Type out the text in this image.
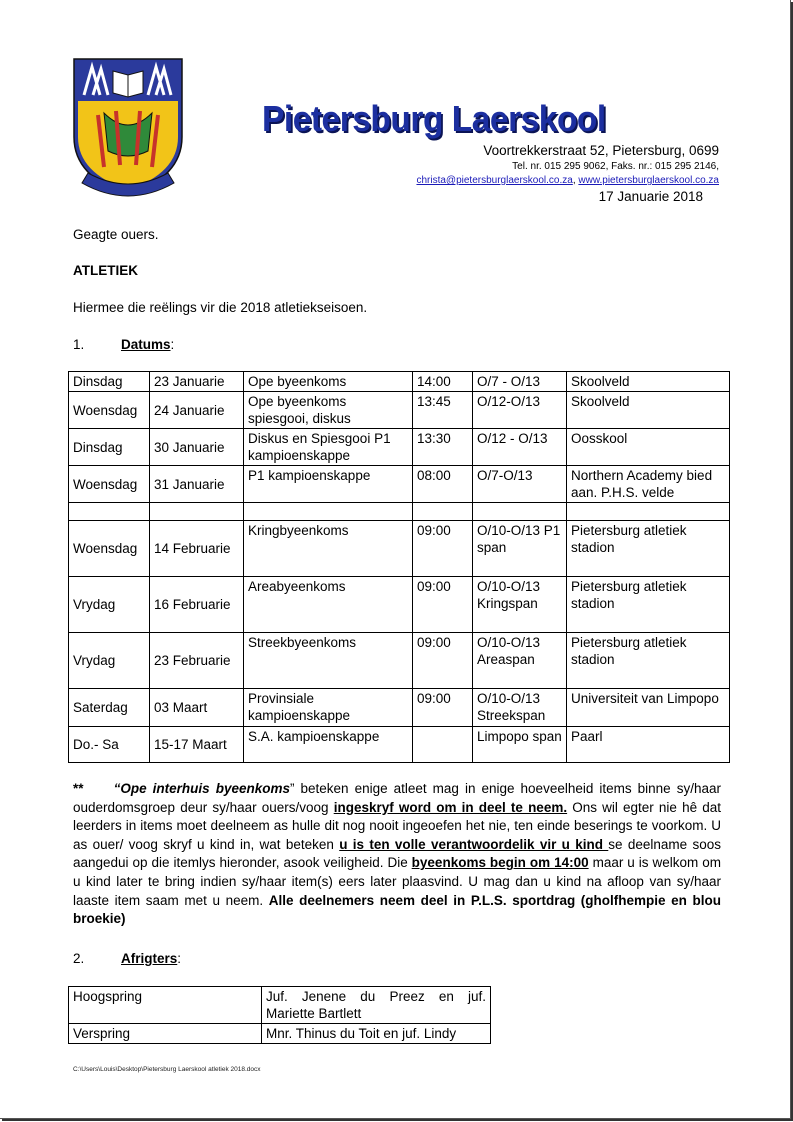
Pietersburg Laerskool
Voortrekkerstraat 52, Pietersburg, 0699
Tel. nr. 015 295 9062, Faks. nr.: 015 295 2146,
christa@pietersburglaerskool.co.za, www.pietersburglaerskool.co.za
17 Januarie 2018
Geagte ouers.
ATLETIEK
Hiermee die reëlings vir die 2018 atletiekseisoen.
1.	Datums:
Dinsdag	23 Januarie	Ope byeenkoms	14:00	O/7 - O/13	Skoolveld
Woensdag	24 Januarie	Ope byeenkoms spiesgooi, diskus	13:45	O/12-O/13	Skoolveld
Dinsdag	30 Januarie	Diskus en Spiesgooi P1 kampioenskappe	13:30	O/12 - O/13	Oosskool
Woensdag	31 Januarie	P1 kampioenskappe	08:00	O/7-O/13	Northern Academy bied aan. P.H.S. velde

Woensdag	14 Februarie	Kringbyeenkoms	09:00	O/10-O/13 P1 span	Pietersburg atletiek stadion
Vrydag	16 Februarie	Areabyeenkoms	09:00	O/10-O/13 Kringspan	Pietersburg atletiek stadion
Vrydag	23 Februarie	Streekbyeenkoms	09:00	O/10-O/13 Areaspan	Pietersburg atletiek stadion
Saterdag	03 Maart	Provinsiale kampioenskappe	09:00	O/10-O/13 Streekspan	Universiteit van Limpopo
Do.- Sa	15-17 Maart	S.A. kampioenskappe		Limpopo span	Paarl
** “Ope interhuis byeenkoms” beteken enige atleet mag in enige hoeveelheid items binne sy/haar ouderdomsgroep deur sy/haar ouers/voog ingeskryf word om in deel te neem. Ons wil egter nie hê dat leerders in items moet deelneem as hulle dit nog nooit ingeoefen het nie, ten einde beserings te voorkom. U as ouer/ voog skryf u kind in, wat beteken u is ten volle verantwoordelik vir u kind se deelname soos aangedui op die itemlys hieronder, asook veiligheid. Die byeenkoms begin om 14:00 maar u is welkom om u kind later te bring indien sy/haar item(s) eers later plaasvind. U mag dan u kind na afloop van sy/haar laaste item saam met u neem. Alle deelnemers neem deel in P.L.S. sportdrag (gholfhempie en blou broekie)
2.	Afrigters:
Hoogspring	Juf. Jenene du Preez en juf. Mariette Bartlett
Verspring	Mnr. Thinus du Toit en juf. Lindy
C:\Users\Louis\Desktop\Pietersburg Laerskool atletiek 2018.docx
